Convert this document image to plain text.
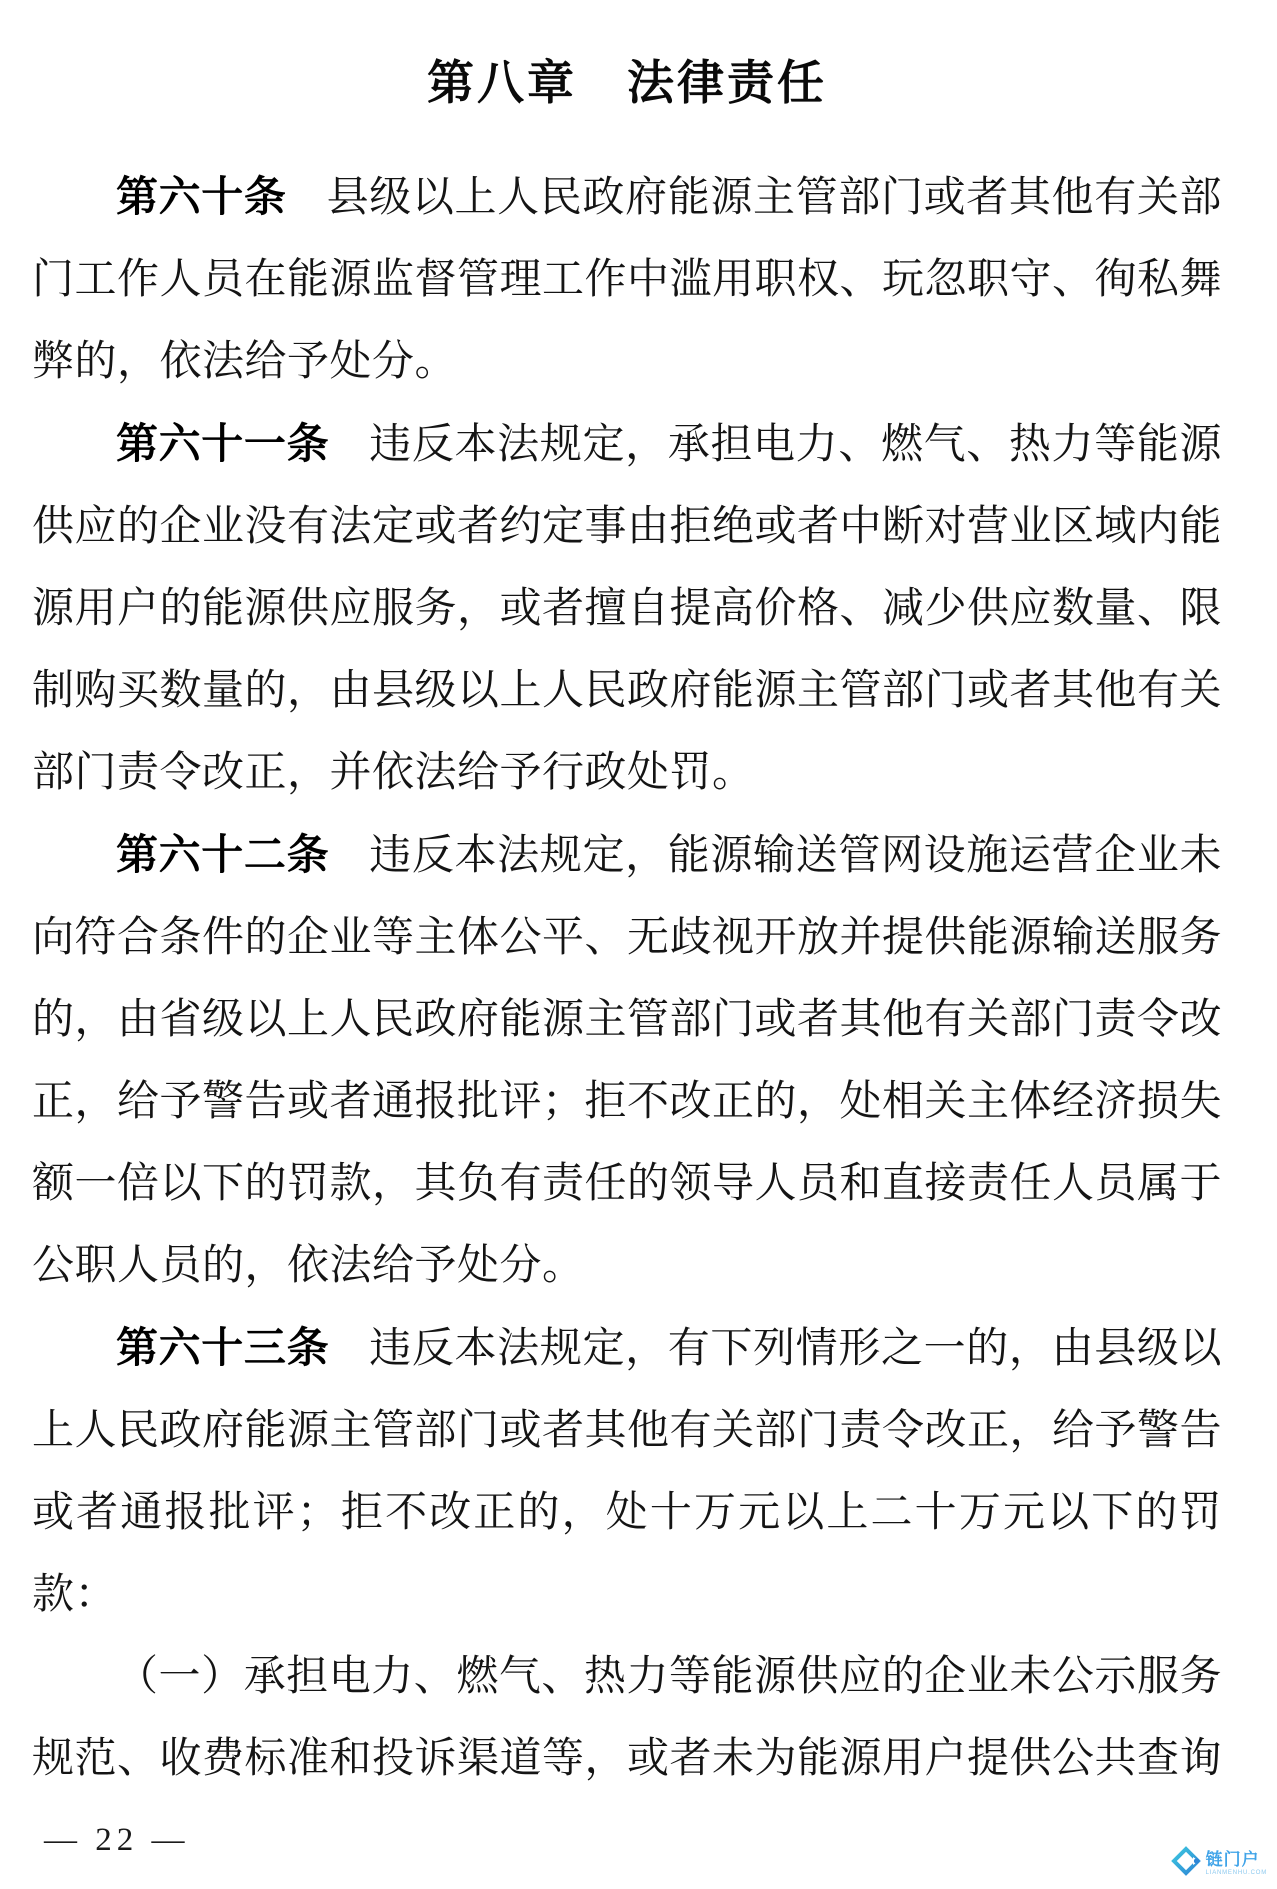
第八章　法律责任

第六十条 县级以上人民政府能源主管部门或者其他有关部门工作人员在能源监督管理工作中滥用职权、玩忽职守、徇私舞弊的，依法给予处分。

第六十一条 违反本法规定，承担电力、燃气、热力等能源供应的企业没有法定或者约定事由拒绝或者中断对营业区域内能源用户的能源供应服务，或者擅自提高价格、减少供应数量、限制购买数量的，由县级以上人民政府能源主管部门或者其他有关部门责令改正，并依法给予行政处罚。

第六十二条 违反本法规定，能源输送管网设施运营企业未向符合条件的企业等主体公平、无歧视开放并提供能源输送服务的，由省级以上人民政府能源主管部门或者其他有关部门责令改正，给予警告或者通报批评；拒不改正的，处相关主体经济损失额一倍以下的罚款，其负有责任的领导人员和直接责任人员属于公职人员的，依法给予处分。

第六十三条 违反本法规定，有下列情形之一的，由县级以上人民政府能源主管部门或者其他有关部门责令改正，给予警告或者通报批评；拒不改正的，处十万元以上二十万元以下的罚款：

（一）承担电力、燃气、热力等能源供应的企业未公示服务规范、收费标准和投诉渠道等，或者未为能源用户提供公共查询

— 22 —
链门户
LIANMENHU.COM
